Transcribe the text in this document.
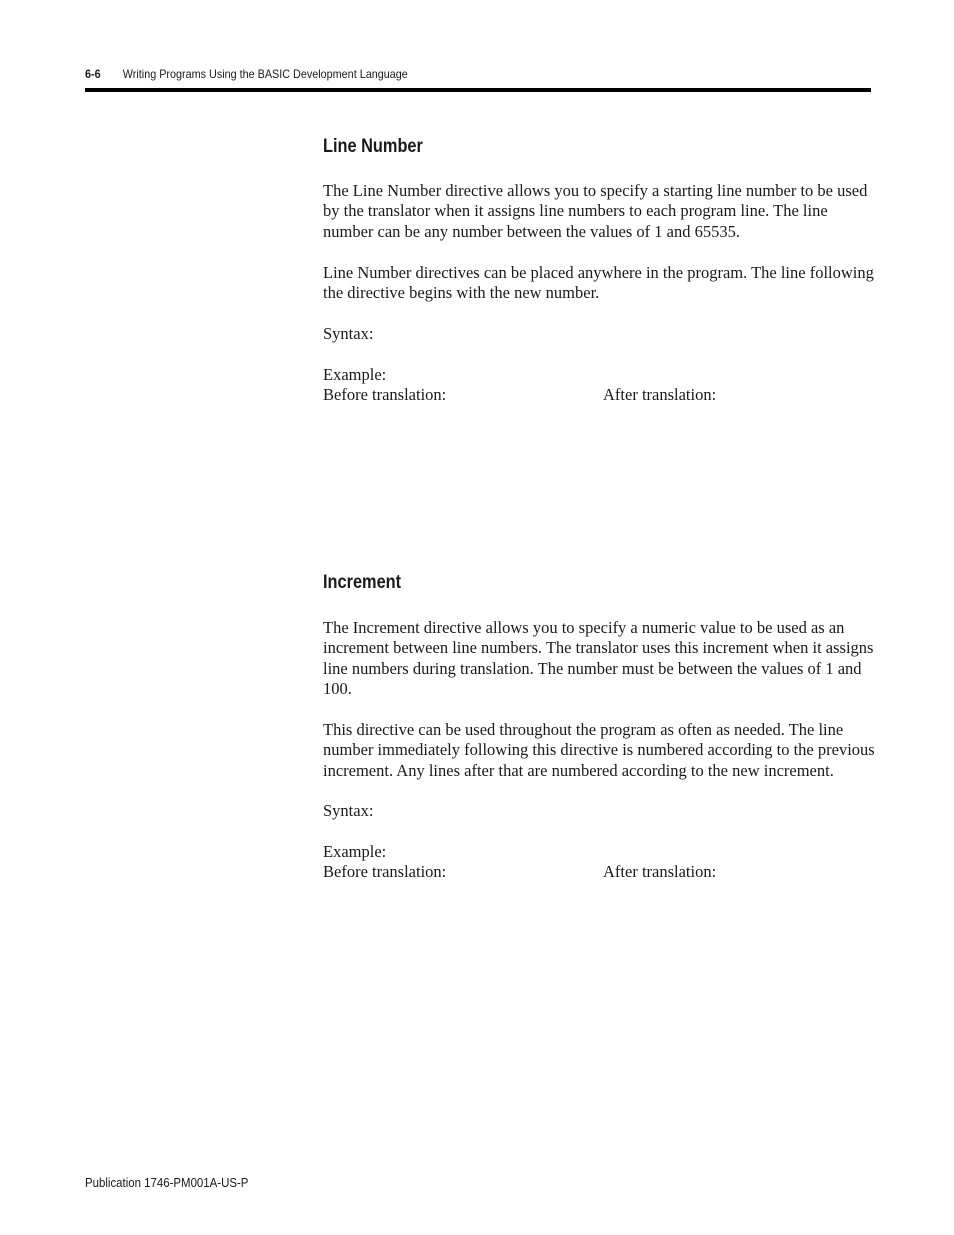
6-6 Writing Programs Using the BASIC Development Language
Line Number

The Line Number directive allows you to specify a starting line number to be used by the translator when it assigns line numbers to each program line. The line number can be any number between the values of 1 and 65535.

Line Number directives can be placed anywhere in the program. The line following the directive begins with the new number.

Syntax:

Example:

Before translation:	After translation:
Increment

The Increment directive allows you to specify a numeric value to be used as an increment between line numbers. The translator uses this increment when it assigns line numbers during translation. The number must be between the values of 1 and 100.

This directive can be used throughout the program as often as needed. The line number immediately following this directive is numbered according to the previous increment. Any lines after that are numbered according to the new increment.

Syntax:

Example:

Before translation:	After translation:
Publication 1746-PM001A-US-P
